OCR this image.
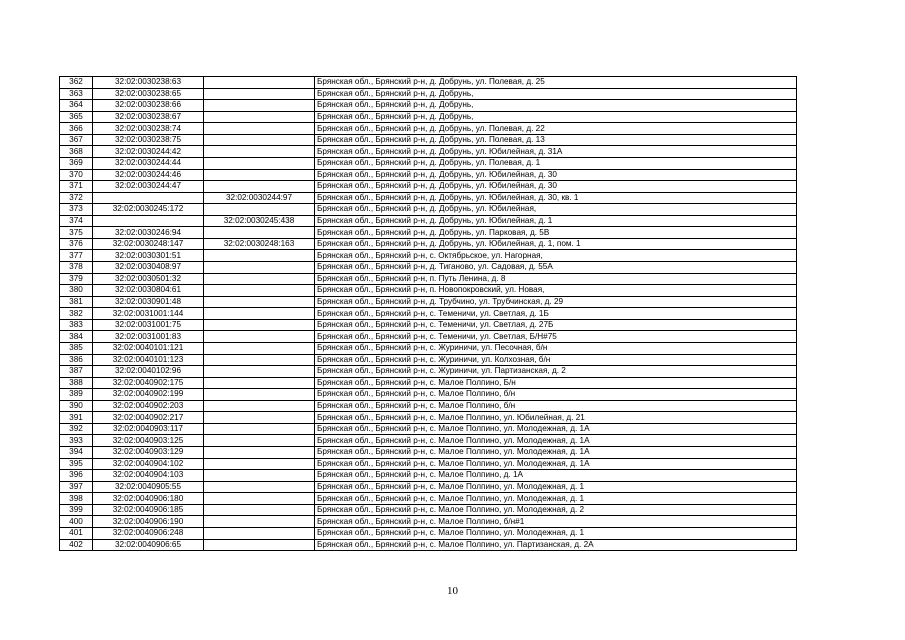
362	32:02:0030238:63		Брянская обл., Брянский р-н, д. Добрунь, ул. Полевая, д. 25
363	32:02:0030238:65		Брянская обл., Брянский р-н, д. Добрунь,
364	32:02:0030238:66		Брянская обл., Брянский р-н, д. Добрунь,
365	32:02:0030238:67		Брянская обл., Брянский р-н, д. Добрунь,
366	32:02:0030238:74		Брянская обл., Брянский р-н, д. Добрунь, ул. Полевая, д. 22
367	32:02:0030238:75		Брянская обл., Брянский р-н, д. Добрунь, ул. Полевая, д. 13
368	32:02:0030244:42		Брянская обл., Брянский р-н, д. Добрунь, ул. Юбилейная, д. 31А
369	32:02:0030244:44		Брянская обл., Брянский р-н, д. Добрунь, ул. Полевая, д. 1
370	32:02:0030244:46		Брянская обл., Брянский р-н, д. Добрунь, ул. Юбилейная, д. 30
371	32:02:0030244:47		Брянская обл., Брянский р-н, д. Добрунь, ул. Юбилейная, д. 30
372		32:02:0030244:97	Брянская обл., Брянский р-н, д. Добрунь, ул. Юбилейная, д. 30, кв. 1
373	32:02:0030245:172		Брянская обл., Брянский р-н, д. Добрунь, ул. Юбилейная,
374		32:02:0030245:438	Брянская обл., Брянский р-н, д. Добрунь, ул. Юбилейная, д. 1
375	32:02:0030246:94		Брянская обл., Брянский р-н, д. Добрунь, ул. Парковая, д. 5В
376	32:02:0030248:147	32:02:0030248:163	Брянская обл., Брянский р-н, д. Добрунь, ул. Юбилейная, д. 1, пом. 1
377	32:02:0030301:51		Брянская обл., Брянский р-н, с. Октябрьское, ул. Нагорная,
378	32:02:0030408:97		Брянская обл., Брянский р-н, д. Тиганово, ул. Садовая, д. 55А
379	32:02:0030501:32		Брянская обл., Брянский р-н, п. Путь Ленина, д. 8
380	32:02:0030804:61		Брянская обл., Брянский р-н, п. Новопокровский, ул. Новая,
381	32:02:0030901:48		Брянская обл., Брянский р-н, д. Трубчино, ул. Трубчинская, д. 29
382	32:02:0031001:144		Брянская обл., Брянский р-н, с. Теменичи, ул. Светлая, д. 1Б
383	32:02:0031001:75		Брянская обл., Брянский р-н, с. Теменичи, ул. Светлая, д. 27Б
384	32:02:0031001:83		Брянская обл., Брянский р-н, с. Теменичи, ул. Светлая, Б/Н#75
385	32:02:0040101:121		Брянская обл., Брянский р-н, с. Журиничи, ул. Песочная, б/н
386	32:02:0040101:123		Брянская обл., Брянский р-н, с. Журиничи, ул. Колхозная, б/н
387	32:02:0040102:96		Брянская обл., Брянский р-н, с. Журиничи, ул. Партизанская, д. 2
388	32:02:0040902:175		Брянская обл., Брянский р-н, с. Малое Полпино, Б/н
389	32:02:0040902:199		Брянская обл., Брянский р-н, с. Малое Полпино, б/н
390	32:02:0040902:203		Брянская обл., Брянский р-н, с. Малое Полпино, б/н
391	32:02:0040902:217		Брянская обл., Брянский р-н, с. Малое Полпино, ул. Юбилейная, д. 21
392	32:02:0040903:117		Брянская обл., Брянский р-н, с. Малое Полпино, ул. Молодежная, д. 1А
393	32:02:0040903:125		Брянская обл., Брянский р-н, с. Малое Полпино, ул. Молодежная, д. 1А
394	32:02:0040903:129		Брянская обл., Брянский р-н, с. Малое Полпино, ул. Молодежная, д. 1А
395	32:02:0040904:102		Брянская обл., Брянский р-н, с. Малое Полпино, ул. Молодежная, д. 1А
396	32:02:0040904:103		Брянская обл., Брянский р-н, с. Малое Полпино, д. 1А
397	32:02:0040905:55		Брянская обл., Брянский р-н, с. Малое Полпино, ул. Молодежная, д. 1
398	32:02:0040906:180		Брянская обл., Брянский р-н, с. Малое Полпино, ул. Молодежная, д. 1
399	32:02:0040906:185		Брянская обл., Брянский р-н, с. Малое Полпино, ул. Молодежная, д. 2
400	32:02:0040906:190		Брянская обл., Брянский р-н, с. Малое Полпино, б/н#1
401	32:02:0040906:248		Брянская обл., Брянский р-н, с. Малое Полпино, ул. Молодежная, д. 1
402	32:02:0040906:65		Брянская обл., Брянский р-н, с. Малое Полпино, ул. Партизанская, д. 2А
10
